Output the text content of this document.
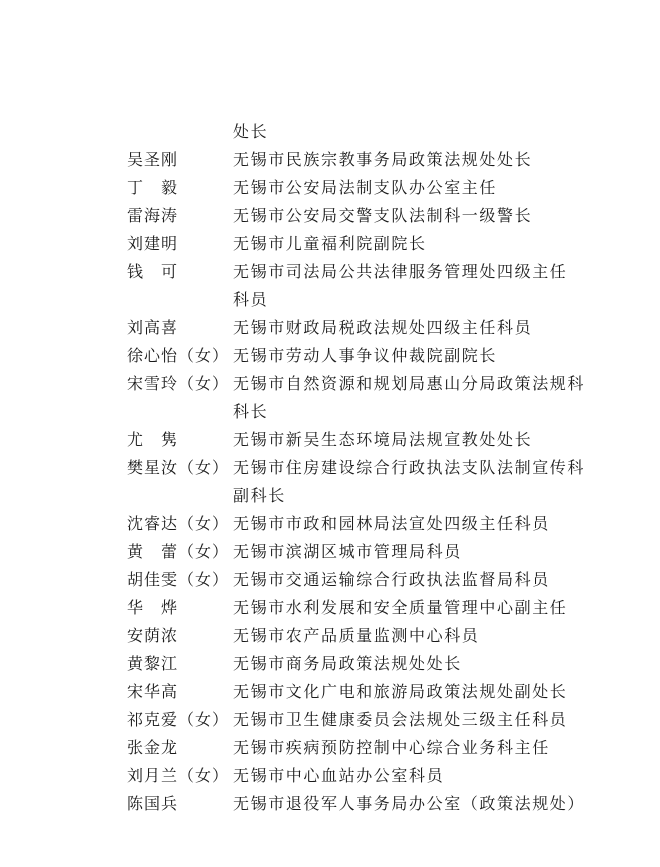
处长
吴圣刚	无锡市民族宗教事务局政策法规处处长
丁　毅	无锡市公安局法制支队办公室主任
雷海涛	无锡市公安局交警支队法制科一级警长
刘建明	无锡市儿童福利院副院长
钱　可	无锡市司法局公共法律服务管理处四级主任
科员
刘高喜	无锡市财政局税政法规处四级主任科员
徐心怡（女） 无锡市劳动人事争议仲裁院副院长
宋雪玲（女） 无锡市自然资源和规划局惠山分局政策法规科
科长
尤　隽	无锡市新吴生态环境局法规宣教处处长
樊星汝（女） 无锡市住房建设综合行政执法支队法制宣传科
副科长
沈睿达（女） 无锡市市政和园林局法宣处四级主任科员
黄　蕾（女） 无锡市滨湖区城市管理局科员
胡佳雯（女） 无锡市交通运输综合行政执法监督局科员
华　烨	无锡市水利发展和安全质量管理中心副主任
安荫浓	无锡市农产品质量监测中心科员
黄黎江	无锡市商务局政策法规处处长
宋华高	无锡市文化广电和旅游局政策法规处副处长
祁克爱（女） 无锡市卫生健康委员会法规处三级主任科员
张金龙	无锡市疾病预防控制中心综合业务科主任
刘月兰（女） 无锡市中心血站办公室科员
陈国兵	无锡市退役军人事务局办公室（政策法规处）
